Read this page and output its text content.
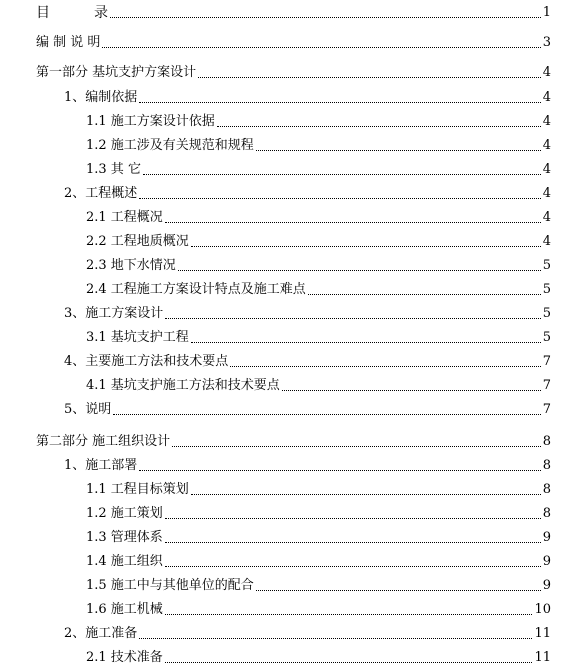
目	录	1
编 制 说 明	3
第一部分 基坑支护方案设计	4
1、编制依据	4
1.1 施工方案设计依据	4
1.2 施工涉及有关规范和规程	4
1.3 其 它	4
2、工程概述	4
2.1 工程概况	4
2.2 工程地质概况	4
2.3 地下水情况	5
2.4 工程施工方案设计特点及施工难点	5
3、施工方案设计	5
3.1 基坑支护工程	5
4、主要施工方法和技术要点	7
4.1 基坑支护施工方法和技术要点	7
5、说明	7
第二部分 施工组织设计	8
1、施工部署	8
1.1 工程目标策划	8
1.2 施工策划	8
1.3 管理体系	9
1.4 施工组织	9
1.5 施工中与其他单位的配合	9
1.6 施工机械	10
2、施工准备	11
2.1 技术准备	11
